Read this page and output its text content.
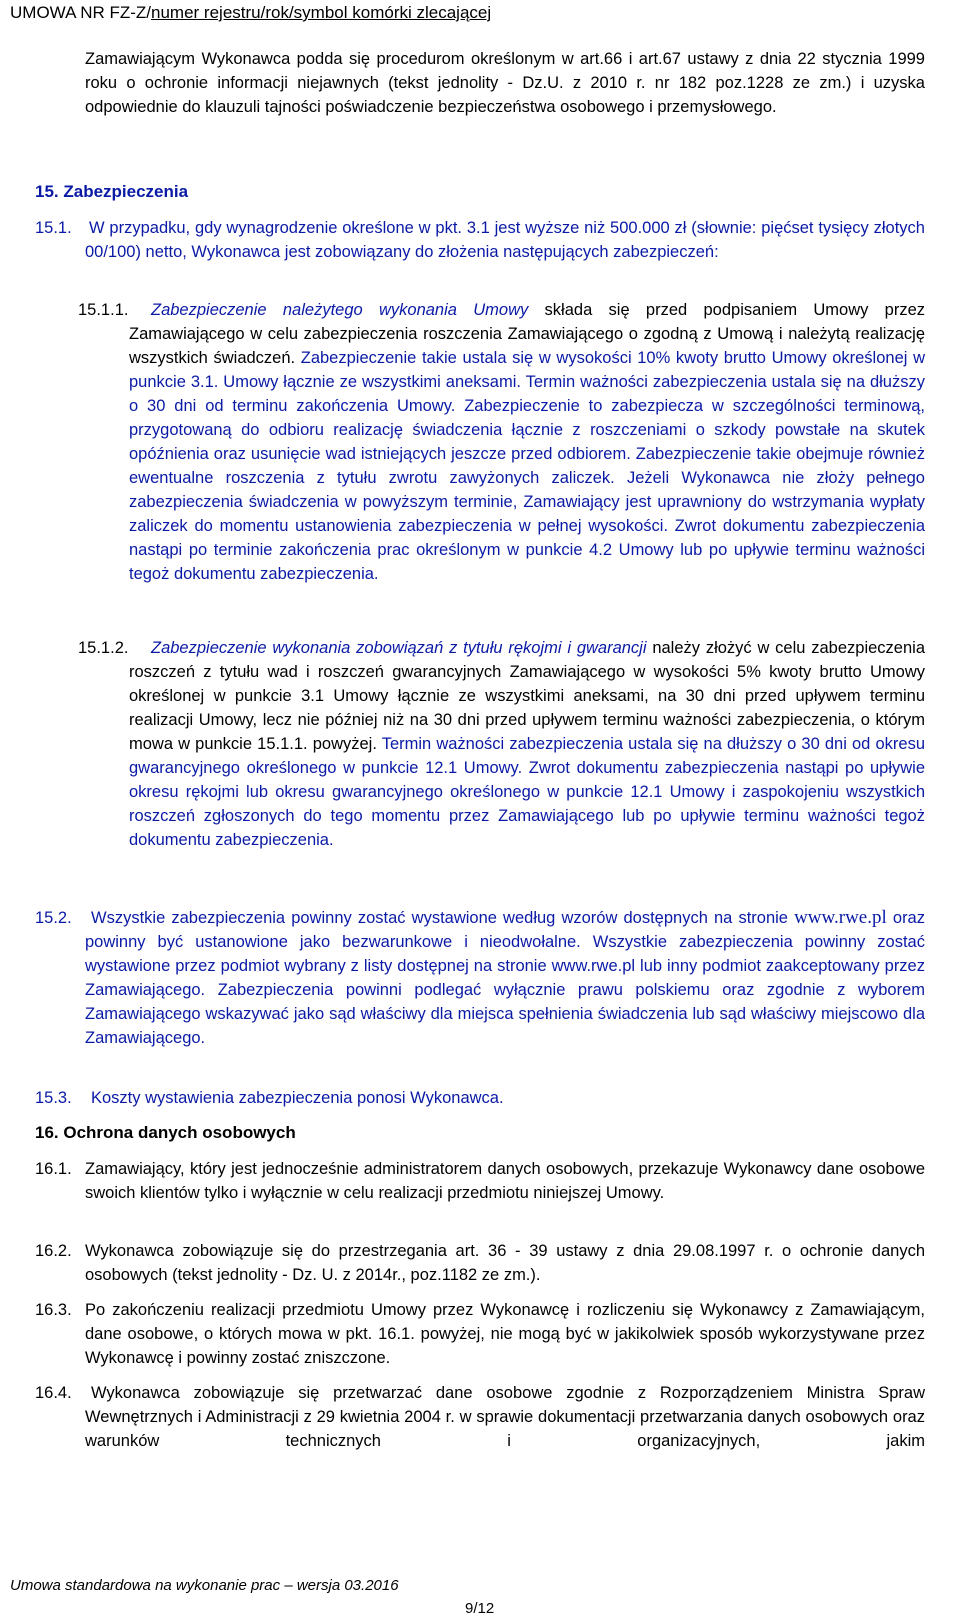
UMOWA NR FZ-Z/numer rejestru/rok/symbol komórki zlecającej

Zamawiającym Wykonawca podda się procedurom określonym w art.66 i art.67 ustawy z dnia 22 stycznia 1999 roku o ochronie informacji niejawnych (tekst jednolity - Dz.U. z 2010 r. nr 182 poz.1228 ze zm.) i uzyska odpowiednie do klauzuli tajności poświadczenie bezpieczeństwa osobowego i przemysłowego.

15. Zabezpieczenia

15.1. W przypadku, gdy wynagrodzenie określone w pkt. 3.1 jest wyższe niż 500.000 zł (słownie: pięćset tysięcy złotych 00/100) netto, Wykonawca jest zobowiązany do złożenia następujących zabezpieczeń:

15.1.1.	Zabezpieczenie należytego wykonania Umowy składa się przed podpisaniem Umowy przez Zamawiającego w celu zabezpieczenia roszczenia Zamawiającego o zgodną z Umową i należytą realizację wszystkich świadczeń. Zabezpieczenie takie ustala się w wysokości 10% kwoty brutto Umowy określonej w punkcie 3.1. Umowy łącznie ze wszystkimi aneksami. Termin ważności zabezpieczenia ustala się na dłuższy o 30 dni od terminu zakończenia Umowy. Zabezpieczenie to zabezpiecza w szczególności terminową, przygotowaną do odbioru realizację świadczenia łącznie z roszczeniami o szkody powstałe na skutek opóźnienia oraz usunięcie wad istniejących jeszcze przed odbiorem. Zabezpieczenie takie obejmuje również ewentualne roszczenia z tytułu zwrotu zawyżonych zaliczek. Jeżeli Wykonawca nie złoży pełnego zabezpieczenia świadczenia w powyższym terminie, Zamawiający jest uprawniony do wstrzymania wypłaty zaliczek do momentu ustanowienia zabezpieczenia w pełnej wysokości. Zwrot dokumentu zabezpieczenia nastąpi po terminie zakończenia prac określonym w punkcie 4.2 Umowy lub po upływie terminu ważności tegoż dokumentu zabezpieczenia.

15.1.2.	Zabezpieczenie wykonania zobowiązań z tytułu rękojmi i gwarancji należy złożyć w celu zabezpieczenia roszczeń z tytułu wad i roszczeń gwarancyjnych Zamawiającego w wysokości 5% kwoty brutto Umowy określonej w punkcie 3.1 Umowy łącznie ze wszystkimi aneksami, na 30 dni przed upływem terminu realizacji Umowy, lecz nie później niż na 30 dni przed upływem terminu ważności zabezpieczenia, o którym mowa w punkcie 15.1.1. powyżej. Termin ważności zabezpieczenia ustala się na dłuższy o 30 dni od okresu gwarancyjnego określonego w punkcie 12.1 Umowy. Zwrot dokumentu zabezpieczenia nastąpi po upływie okresu rękojmi lub okresu gwarancyjnego określonego w punkcie 12.1 Umowy i zaspokojeniu wszystkich roszczeń zgłoszonych do tego momentu przez Zamawiającego lub po upływie terminu ważności tegoż dokumentu zabezpieczenia.

15.2.	Wszystkie zabezpieczenia powinny zostać wystawione według wzorów dostępnych na stronie www.rwe.pl oraz powinny być ustanowione jako bezwarunkowe i nieodwołalne. Wszystkie zabezpieczenia powinny zostać wystawione przez podmiot wybrany z listy dostępnej na stronie www.rwe.pl lub inny podmiot zaakceptowany przez Zamawiającego. Zabezpieczenia powinni podlegać wyłącznie prawu polskiemu oraz zgodnie z wyborem Zamawiającego wskazywać jako sąd właściwy dla miejsca spełnienia świadczenia lub sąd właściwy miejscowo dla Zamawiającego.

15.3. Koszty wystawienia zabezpieczenia ponosi Wykonawca.

16. Ochrona danych osobowych

16.1. Zamawiający, który jest jednocześnie administratorem danych osobowych, przekazuje Wykonawcy dane osobowe swoich klientów tylko i wyłącznie w celu realizacji przedmiotu niniejszej Umowy.

16.2. Wykonawca zobowiązuje się do przestrzegania art. 36 - 39 ustawy z dnia 29.08.1997 r. o ochronie danych osobowych (tekst jednolity - Dz. U. z 2014r., poz.1182 ze zm.).

16.3. Po zakończeniu realizacji przedmiotu Umowy przez Wykonawcę i rozliczeniu się Wykonawcy z Zamawiającym, dane osobowe, o których mowa w pkt. 16.1. powyżej, nie mogą być w jakikolwiek sposób wykorzystywane przez Wykonawcę i powinny zostać zniszczone.

16.4.	Wykonawca zobowiązuje się przetwarzać dane osobowe zgodnie z Rozporządzeniem Ministra Spraw Wewnętrznych i Administracji z 29 kwietnia 2004 r. w sprawie dokumentacji przetwarzania danych osobowych oraz warunków technicznych i organizacyjnych, jakim

Umowa standardowa na wykonanie prac – wersja 03.2016
9/12
